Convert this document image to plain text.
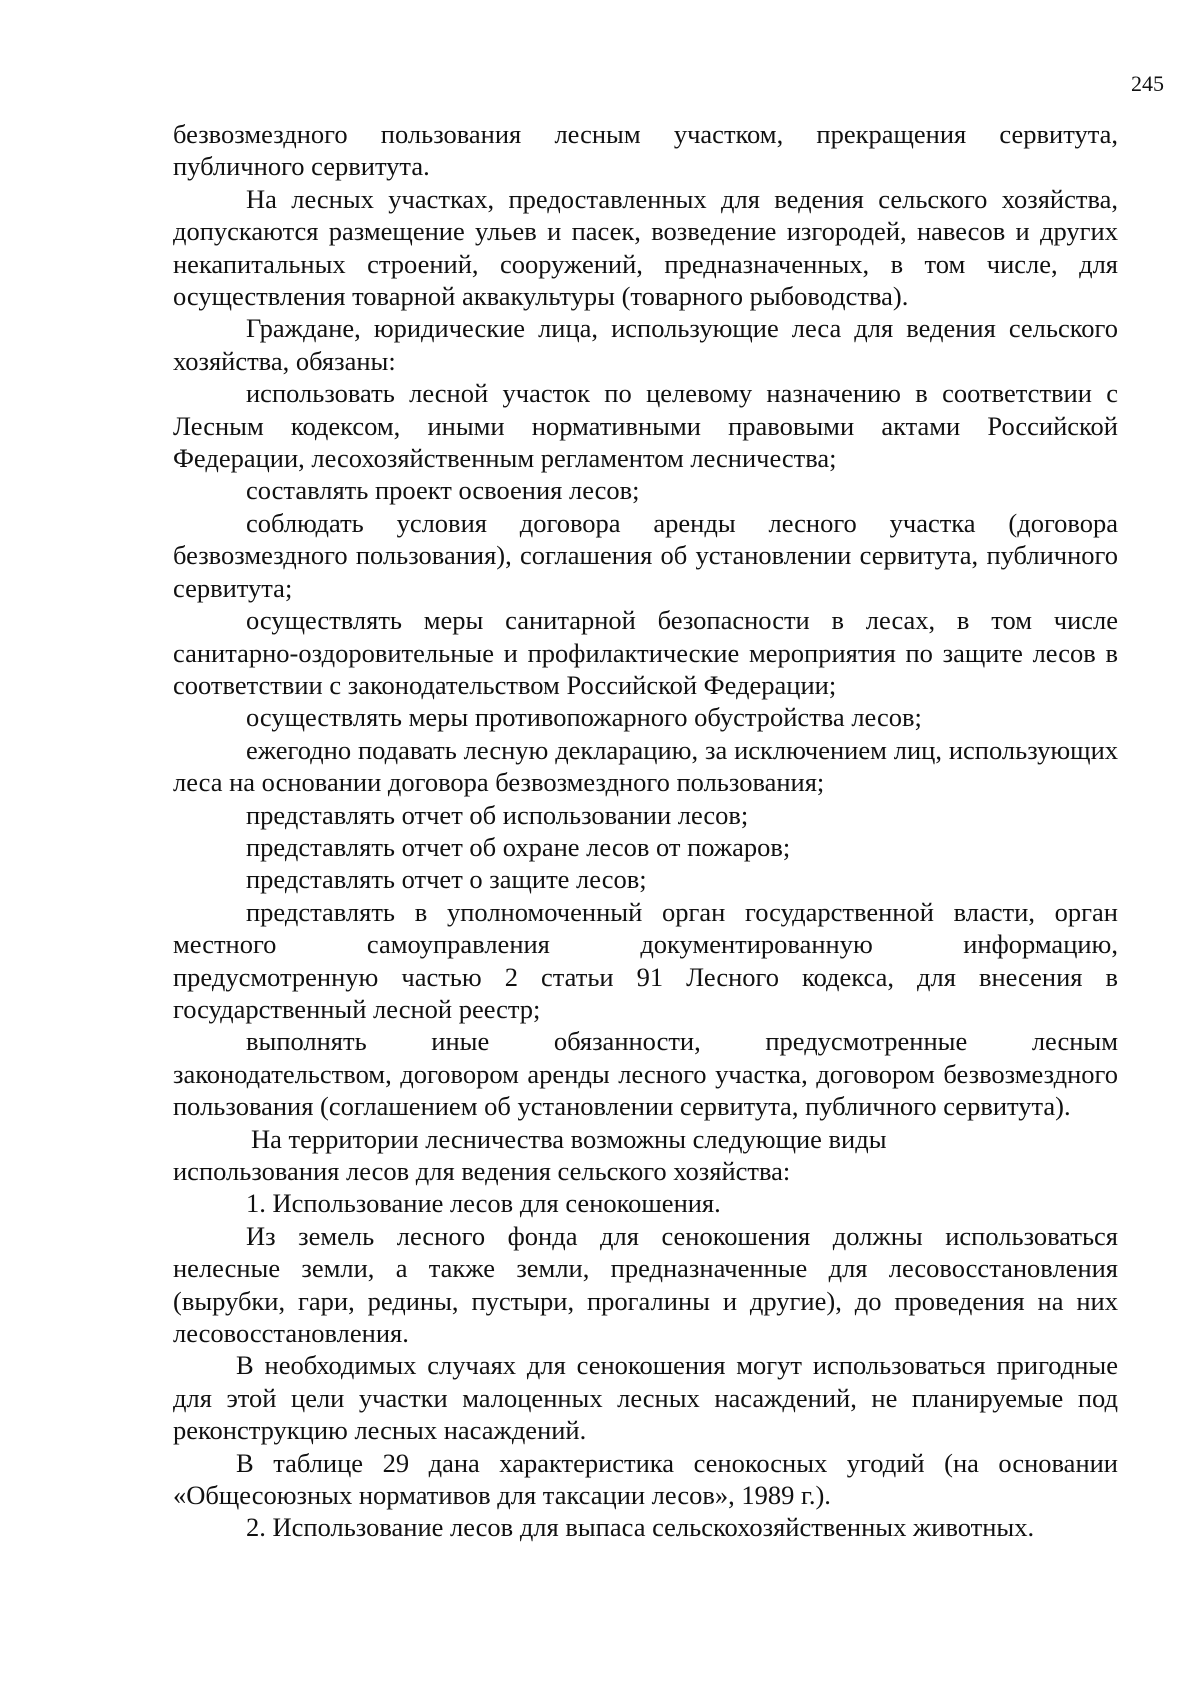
245

безвозмездного пользования лесным участком, прекращения сервитута, публичного сервитута.

На лесных участках, предоставленных для ведения сельского хозяйства, допускаются размещение ульев и пасек, возведение изгородей, навесов и других некапитальных строений, сооружений, предназначенных, в том числе, для осуществления товарной аквакультуры (товарного рыбоводства).

Граждане, юридические лица, использующие леса для ведения сельского хозяйства, обязаны:

использовать лесной участок по целевому назначению в соответствии с Лесным кодексом, иными нормативными правовыми актами Российской Федерации, лесохозяйственным регламентом лесничества;

составлять проект освоения лесов;

соблюдать условия договора аренды лесного участка (договора безвозмездного пользования), соглашения об установлении сервитута, публичного сервитута;

осуществлять меры санитарной безопасности в лесах, в том числе санитарно-оздоровительные и профилактические мероприятия по защите лесов в соответствии с законодательством Российской Федерации;

осуществлять меры противопожарного обустройства лесов;

ежегодно подавать лесную декларацию, за исключением лиц, использующих леса на основании договора безвозмездного пользования;

представлять отчет об использовании лесов;

представлять отчет об охране лесов от пожаров;

представлять отчет о защите лесов;

представлять в уполномоченный орган государственной власти, орган

местного самоуправления документированную информацию,

предусмотренную частью 2 статьи 91 Лесного кодекса, для внесения в государственный лесной реестр;

выполнять иные обязанности, предусмотренные лесным

законодательством, договором аренды лесного участка, договором безвозмездного пользования (соглашением об установлении сервитута, публичного сервитута).

На территории лесничества возможны следующие виды

использования лесов для ведения сельского хозяйства:

1. Использование лесов для сенокошения.

Из земель лесного фонда для сенокошения должны использоваться нелесные земли, а также земли, предназначенные для лесовосстановления (вырубки, гари, редины, пустыри, прогалины и другие), до проведения на них лесовосстановления.

В необходимых случаях для сенокошения могут использоваться пригодные для этой цели участки малоценных лесных насаждений, не планируемые под реконструкцию лесных насаждений.

В таблице 29 дана характеристика сенокосных угодий (на основании «Общесоюзных нормативов для таксации лесов», 1989 г.).

2. Использование лесов для выпаса сельскохозяйственных животных.
